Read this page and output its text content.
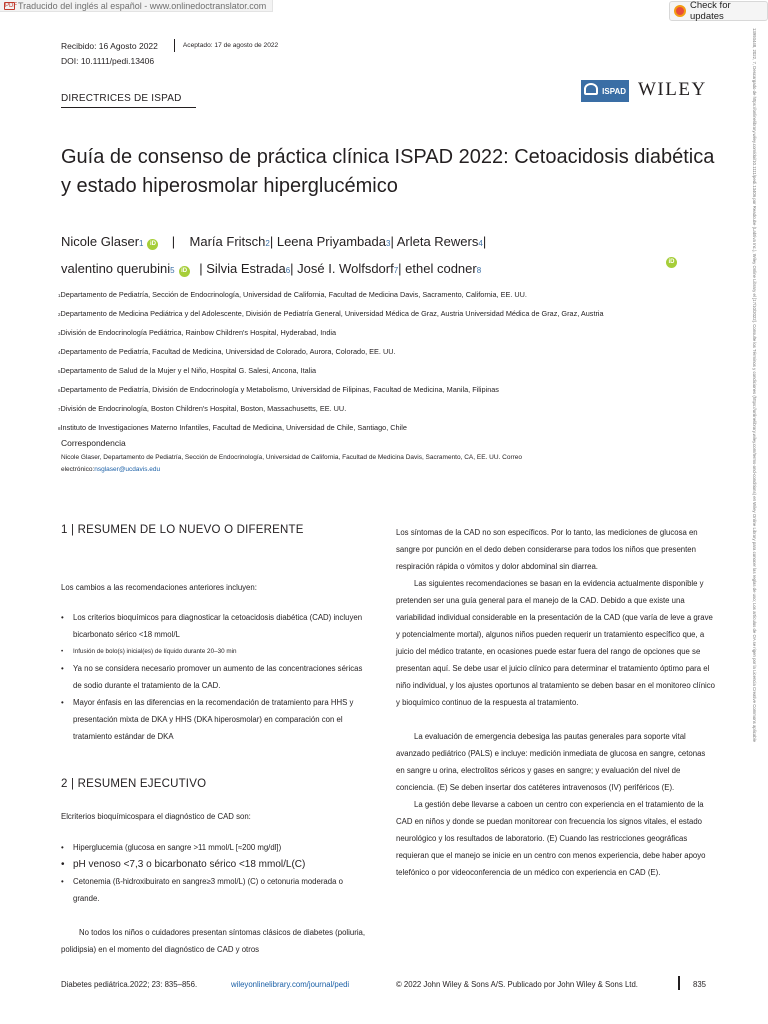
PDF Traducido del inglés al español - www.onlinedoctranslator.com	Check for updates
13993448, 2022, 7, Descargado de https://onlinelibrary.wiley.com/doi/10.1111/pedi.13406 por Readcube (Labtiva Inc.), Wiley Online Library el [17/10/2022]. Consulte los Términos y condiciones (https://onlinelibrary.wiley.com/terms-and-conditions) en Wiley Online Library para conocer las reglas de uso; Los artículos de OA se rigen por la Licencia Creative Commons aplicable
Recibido: 16 Agosto 2022	Aceptado: 17 de agosto de 2022
DOI: 10.1111/pedi.13406
DIRECTRICES DE ISPAD
ISPAD WILEY
Guía de consenso de práctica clínica ISPAD 2022: Cetoacidosis diabética y estado hiperosmolar hiperglucémico
Nicole Glaser1 iD  |    María Fritsch2| Leena Priyambada3| Arleta Rewers4|
valentino querubini5 iD | Silvia Estrada6| José I. Wolfsdorf7| ethel codner8
iD
1Departamento de Pediatría, Sección de Endocrinología, Universidad de California, Facultad de Medicina Davis, Sacramento, California, EE. UU.
2Departamento de Medicina Pediátrica y del Adolescente, División de Pediatría General, Universidad Médica de Graz, Austria Universidad Médica de Graz, Graz, Austria
3División de Endocrinología Pediátrica, Rainbow Children's Hospital, Hyderabad, India
4Departamento de Pediatría, Facultad de Medicina, Universidad de Colorado, Aurora, Colorado, EE. UU.
5Departamento de Salud de la Mujer y el Niño, Hospital G. Salesi, Ancona, Italia
6Departamento de Pediatría, División de Endocrinología y Metabolismo, Universidad de Filipinas, Facultad de Medicina, Manila, Filipinas
7División de Endocrinología, Boston Children's Hospital, Boston, Massachusetts, EE. UU.
8Instituto de Investigaciones Materno Infantiles, Facultad de Medicina, Universidad de Chile, Santiago, Chile
Correspondencia
Nicole Glaser, Departamento de Pediatría, Sección de Endocrinología, Universidad de California, Facultad de Medicina Davis, Sacramento, CA, EE. UU. Correo electrónico:nsglaser@ucdavis.edu
1 | RESUMEN DE LO NUEVO O DIFERENTE
Los cambios a las recomendaciones anteriores incluyen:
• Los criterios bioquímicos para diagnosticar la cetoacidosis diabética (CAD) incluyen bicarbonato sérico <18 mmol/L
• Infusión de bolo(s) inicial(es) de líquido durante 20–30 min
• Ya no se considera necesario promover un aumento de las concentraciones séricas de sodio durante el tratamiento de la CAD.
• Mayor énfasis en las diferencias en la recomendación de tratamiento para HHS y presentación mixta de DKA y HHS (DKA hiperosmolar) en comparación con el tratamiento estándar de DKA
2 | RESUMEN EJECUTIVO
Elcriterios bioquímicospara el diagnóstico de CAD son:
• Hiperglucemia (glucosa en sangre >11 mmol/L [≈200 mg/dl])
• pH venoso <7,3 o bicarbonato sérico <18 mmol/L(C)
• Cetonemia (ß-hidroxibuirato en sangre≥3 mmol/L) (C) o cetonuria moderada o grande.
No todos los niños o cuidadores presentan síntomas clásicos de diabetes (poliuria, polidipsia) en el momento del diagnóstico de CAD y otros
Los síntomas de la CAD no son específicos. Por lo tanto, las mediciones de glucosa en sangre por punción en el dedo deben considerarse para todos los niños que presenten respiración rápida o vómitos y dolor abdominal sin diarrea.
Las siguientes recomendaciones se basan en la evidencia actualmente disponible y pretenden ser una guía general para el manejo de la CAD. Debido a que existe una variabilidad individual considerable en la presentación de la CAD (que varía de leve a grave y potencialmente mortal), algunos niños pueden requerir un tratamiento específico que, a juicio del médico tratante, en ocasiones puede estar fuera del rango de opciones que se presentan aquí. Se debe usar el juicio clínico para determinar el tratamiento óptimo para el niño individual, y los ajustes oportunos al tratamiento se deben basar en el monitoreo clínico y bioquímico continuo de la respuesta al tratamiento.
La evaluación de emergencia debesiga las pautas generales para soporte vital avanzado pediátrico (PALS) e incluye: medición inmediata de glucosa en sangre, cetonas en sangre u orina, electrolitos séricos y gases en sangre; y evaluación del nivel de conciencia. (E) Se deben insertar dos catéteres intravenosos (IV) periféricos (E).
La gestión debe llevarse a caboen un centro con experiencia en el tratamiento de la CAD en niños y donde se puedan monitorear con frecuencia los signos vitales, el estado neurológico y los resultados de laboratorio. (E) Cuando las restricciones geográficas requieran que el manejo se inicie en un centro con menos experiencia, debe haber apoyo telefónico o por videoconferencia de un médico con experiencia en CAD (E).
Diabetes pediátrica.2022; 23: 835–856.	wileyonlinelibrary.com/journal/pedi	© 2022 John Wiley & Sons A/S. Publicado por John Wiley & Sons Ltd.	835
